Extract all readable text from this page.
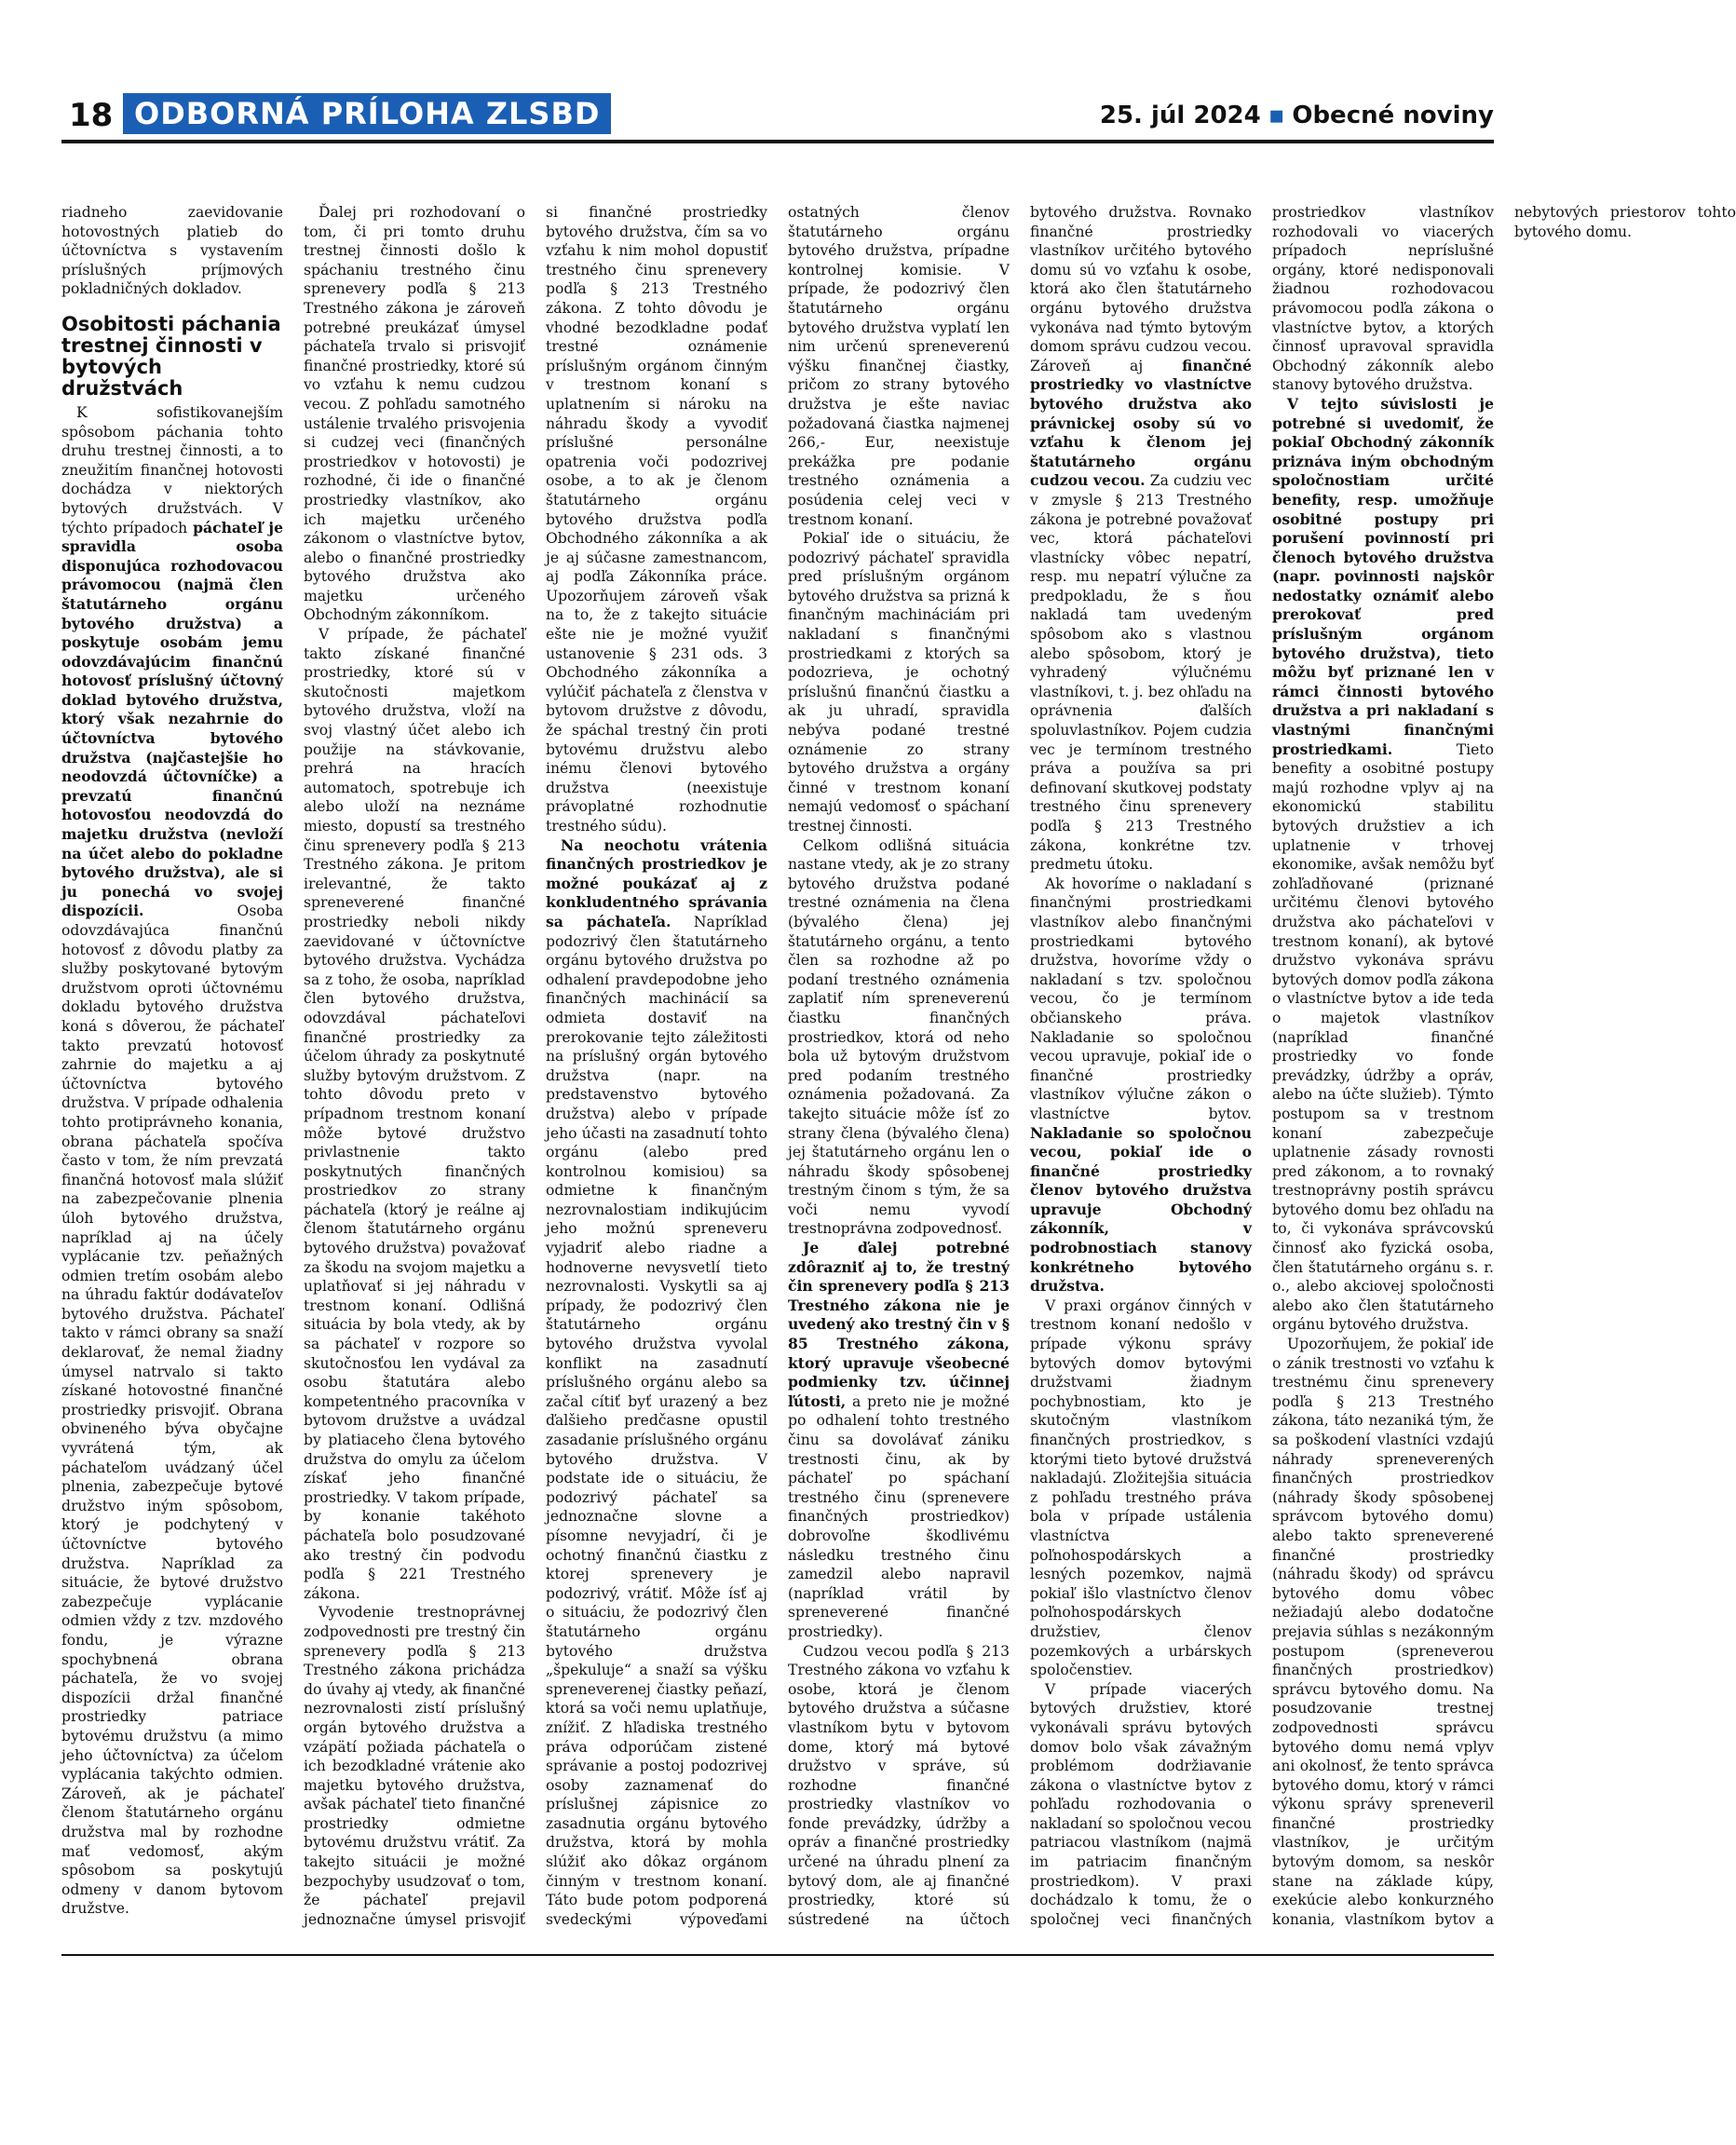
18 ODBORNÁ PRÍLOHA ZLSBD	25. júl 2024 ▪ Obecné noviny

riadneho zaevidovanie hotovostných platieb do účtovníctva s vystavením príslušných príjmových pokladničných dokladov.

Osobitosti páchania trestnej činnosti v bytových družstvách

K sofistikovanejším spôsobom páchania tohto druhu trestnej činnosti, a to zneužitím finančnej hotovosti dochádza v niektorých bytových družstvách. V týchto prípadoch páchateľ je spravidla osoba disponujúca rozhodovacou právomocou (najmä člen štatutárneho orgánu bytového družstva) a poskytuje osobám jemu odovzdávajúcim finančnú hotovosť príslušný účtovný doklad bytového družstva, ktorý však nezahrnie do účtovníctva bytového družstva (najčastejšie ho neodovzdá účtovníčke) a prevzatú finančnú hotovosťou neodovzdá do majetku družstva (nevloží na účet alebo do pokladne bytového družstva), ale si ju ponechá vo svojej dispozícii. Osoba odovzdávajúca finančnú hotovosť z dôvodu platby za služby poskytované bytovým družstvom oproti účtovnému dokladu bytového družstva koná s dôverou, že páchateľ takto prevzatú hotovosť zahrnie do majetku a aj účtovníctva bytového družstva. V prípade odhalenia tohto protiprávneho konania, obrana páchateľa spočíva často v tom, že ním prevzatá finančná hotovosť mala slúžiť na zabezpečovanie plnenia úloh bytového družstva, napríklad aj na účely vyplácanie tzv. peňažných odmien tretím osobám alebo na úhradu faktúr dodávateľov bytového družstva. Páchateľ takto v rámci obrany sa snaží deklarovať, že nemal žiadny úmysel natrvalo si takto získané hotovostné finančné prostriedky prisvojiť. Obrana obvineného býva obyčajne vyvrátená tým, ak páchateľom uvádzaný účel plnenia, zabezpečuje bytové družstvo iným spôsobom, ktorý je podchytený v účtovníctve bytového družstva. Napríklad za situácie, že bytové družstvo zabezpečuje vyplácanie odmien vždy z tzv. mzdového fondu, je výrazne spochybnená obrana páchateľa, že vo svojej dispozícii držal finančné prostriedky patriace bytovému družstvu (a mimo jeho účtovníctva) za účelom vyplácania takýchto odmien. Zároveň, ak je páchateľ členom štatutárneho orgánu družstva mal by rozhodne mať vedomosť, akým spôsobom sa poskytujú odmeny v danom bytovom družstve.

Ďalej pri rozhodovaní o tom, či pri tomto druhu trestnej činnosti došlo k spáchaniu trestného činu sprenevery podľa § 213 Trestného zákona je zároveň potrebné preukázať úmysel páchateľa trvalo si prisvojiť finančné prostriedky, ktoré sú vo vzťahu k nemu cudzou vecou. Z pohľadu samotného ustálenie trvalého prisvojenia si cudzej veci (finančných prostriedkov v hotovosti) je rozhodné, či ide o finančné prostriedky vlastníkov, ako ich majetku určeného zákonom o vlastníctve bytov, alebo o finančné prostriedky bytového družstva ako majetku určeného Obchodným zákonníkom.

V prípade, že páchateľ takto získané finančné prostriedky, ktoré sú v skutočnosti majetkom bytového družstva, vloží na svoj vlastný účet alebo ich použije na stávkovanie, prehrá na hracích automatoch, spotrebuje ich alebo uloží na neznáme miesto, dopustí sa trestného činu sprenevery podľa § 213 Trestného zákona. Je pritom irelevantné, že takto spreneverené finančné prostriedky neboli nikdy zaevidované v účtovníctve bytového družstva. Vychádza sa z toho, že osoba, napríklad člen bytového družstva, odovzdával páchateľovi finančné prostriedky za účelom úhrady za poskytnuté služby bytovým družstvom. Z tohto dôvodu preto v prípadnom trestnom konaní môže bytové družstvo privlastnenie takto poskytnutých finančných prostriedkov zo strany páchateľa (ktorý je reálne aj členom štatutárneho orgánu bytového družstva) považovať za škodu na svojom majetku a uplatňovať si jej náhradu v trestnom konaní. Odlišná situácia by bola vtedy, ak by sa páchateľ v rozpore so skutočnosťou len vydával za osobu štatutára alebo kompetentného pracovníka v bytovom družstve a uvádzal by platiaceho člena bytového družstva do omylu za účelom získať jeho finančné prostriedky. V takom prípade, by konanie takéhoto páchateľa bolo posudzované ako trestný čin podvodu podľa § 221 Trestného zákona.

Vyvodenie trestnoprávnej zodpovednosti pre trestný čin sprenevery podľa § 213 Trestného zákona prichádza do úvahy aj vtedy, ak finančné nezrovnalosti zistí príslušný orgán bytového družstva a vzápätí požiada páchateľa o ich bezodkladné vrátenie ako majetku bytového družstva, avšak páchateľ tieto finančné prostriedky odmietne bytovému družstvu vrátiť. Za takejto situácii je možné bezpochyby usudzovať o tom, že páchateľ prejavil jednoznačne úmysel prisvojiť si finančné prostriedky bytového družstva, čím sa vo vzťahu k nim mohol dopustiť trestného činu sprenevery podľa § 213 Trestného zákona. Z tohto dôvodu je vhodné bezodkladne podať trestné oznámenie príslušným orgánom činným v trestnom konaní s uplatnením si nároku na náhradu škody a vyvodiť príslušné personálne opatrenia voči podozrivej osobe, a to ak je členom štatutárneho orgánu bytového družstva podľa Obchodného zákonníka a ak je aj súčasne zamestnancom, aj podľa Zákonníka práce. Upozorňujem zároveň však na to, že z takejto situácie ešte nie je možné využiť ustanovenie § 231 ods. 3 Obchodného zákonníka a vylúčiť páchateľa z členstva v bytovom družstve z dôvodu, že spáchal trestný čin proti bytovému družstvu alebo inému členovi bytového družstva (neexistuje právoplatné rozhodnutie trestného súdu).

Na neochotu vrátenia finančných prostriedkov je možné poukázať aj z konkludentného správania sa páchateľa. Napríklad podozrivý člen štatutárneho orgánu bytového družstva po odhalení pravdepodobne jeho finančných machinácií sa odmieta dostaviť na prerokovanie tejto záležitosti na príslušný orgán bytového družstva (napr. na predstavenstvo bytového družstva) alebo v prípade jeho účasti na zasadnutí tohto orgánu (alebo pred kontrolnou komisiou) sa odmietne k finančným nezrovnalostiam indikujúcim jeho možnú spreneveru vyjadriť alebo riadne a hodnoverne nevysvetlí tieto nezrovnalosti. Vyskytli sa aj prípady, že podozrivý člen štatutárneho orgánu bytového družstva vyvolal konflikt na zasadnutí príslušného orgánu alebo sa začal cítiť byť urazený a bez ďalšieho predčasne opustil zasadanie príslušného orgánu bytového družstva. V podstate ide o situáciu, že podozrivý páchateľ sa jednoznačne slovne a písomne nevyjadrí, či je ochotný finančnú čiastku z ktorej sprenevery je podozrivý, vrátiť. Môže ísť aj o situáciu, že podozrivý člen štatutárneho orgánu bytového družstva „špekuluje“ a snaží sa výšku spreneverenej čiastky peňazí, ktorá sa voči nemu uplatňuje, znížiť. Z hľadiska trestného práva odporúčam zistené správanie a postoj podozrivej osoby zaznamenať do príslušnej zápisnice zo zasadnutia orgánu bytového družstva, ktorá by mohla slúžiť ako dôkaz orgánom činným v trestnom konaní. Táto bude potom podporená svedeckými výpoveďami ostatných členov štatutárneho orgánu bytového družstva, prípadne kontrolnej komisie. V prípade, že podozrivý člen štatutárneho orgánu bytového družstva vyplatí len nim určenú spreneverenú výšku finančnej čiastky, pričom zo strany bytového družstva je ešte naviac požadovaná čiastka najmenej 266,- Eur, neexistuje prekážka pre podanie trestného oznámenia a posúdenia celej veci v trestnom konaní.

Pokiaľ ide o situáciu, že podozrivý páchateľ spravidla pred príslušným orgánom bytového družstva sa prizná k finančným machináciám pri nakladaní s finančnými prostriedkami z ktorých sa podozrieva, je ochotný príslušnú finančnú čiastku a ak ju uhradí, spravidla nebýva podané trestné oznámenie zo strany bytového družstva a orgány činné v trestnom konaní nemajú vedomosť o spáchaní trestnej činnosti.

Celkom odlišná situácia nastane vtedy, ak je zo strany bytového družstva podané trestné oznámenia na člena (bývalého člena) jej štatutárneho orgánu, a tento člen sa rozhodne až po podaní trestného oznámenia zaplatiť ním spreneverenú čiastku finančných prostriedkov, ktorá od neho bola už bytovým družstvom pred podaním trestného oznámenia požadovaná. Za takejto situácie môže ísť zo strany člena (bývalého člena) jej štatutárneho orgánu len o náhradu škody spôsobenej trestným činom s tým, že sa voči nemu vyvodí trestnoprávna zodpovednosť.

Je ďalej potrebné zdôrazniť aj to, že trestný čin sprenevery podľa § 213 Trestného zákona nie je uvedený ako trestný čin v § 85 Trestného zákona, ktorý upravuje všeobecné podmienky tzv. účinnej ľútosti, a preto nie je možné po odhalení tohto trestného činu sa dovolávať zániku trestnosti činu, ak by páchateľ po spáchaní trestného činu (sprenevere finančných prostriedkov) dobrovoľne škodlivému následku trestného činu zamedzil alebo napravil (napríklad vrátil by spreneverené finančné prostriedky).

Cudzou vecou podľa § 213 Trestného zákona vo vzťahu k osobe, ktorá je členom bytového družstva a súčasne vlastníkom bytu v bytovom dome, ktorý má bytové družstvo v správe, sú rozhodne finančné prostriedky vlastníkov vo fonde prevádzky, údržby a opráv a finančné prostriedky určené na úhradu plnení za bytový dom, ale aj finančné prostriedky, ktoré sú sústredené na účtoch bytového družstva. Rovnako finančné prostriedky vlastníkov určitého bytového domu sú vo vzťahu k osobe, ktorá ako člen štatutárneho orgánu bytového družstva vykonáva nad týmto bytovým domom správu cudzou vecou. Zároveň aj finančné prostriedky vo vlastníctve bytového družstva ako právnickej osoby sú vo vzťahu k členom jej štatutárneho orgánu cudzou vecou. Za cudziu vec v zmysle § 213 Trestného zákona je potrebné považovať vec, ktorá páchateľovi vlastnícky vôbec nepatrí, resp. mu nepatrí výlučne za predpokladu, že s ňou nakladá tam uvedeným spôsobom ako s vlastnou alebo spôsobom, ktorý je vyhradený výlučnému vlastníkovi, t. j. bez ohľadu na oprávnenia ďalších spoluvlastníkov. Pojem cudzia vec je termínom trestného práva a používa sa pri definovaní skutkovej podstaty trestného činu sprenevery podľa § 213 Trestného zákona, konkrétne tzv. predmetu útoku.

Ak hovoríme o nakladaní s finančnými prostriedkami vlastníkov alebo finančnými prostriedkami bytového družstva, hovoríme vždy o nakladaní s tzv. spoločnou vecou, čo je termínom občianskeho práva. Nakladanie so spoločnou vecou upravuje, pokiaľ ide o finančné prostriedky vlastníkov výlučne zákon o vlastníctve bytov. Nakladanie so spoločnou vecou, pokiaľ ide o finančné prostriedky členov bytového družstva upravuje Obchodný zákonník, v podrobnostiach stanovy konkrétneho bytového družstva.

V praxi orgánov činných v trestnom konaní nedošlo v prípade výkonu správy bytových domov bytovými družstvami žiadnym pochybnostiam, kto je skutočným vlastníkom finančných prostriedkov, s ktorými tieto bytové družstvá nakladajú. Zložitejšia situácia z pohľadu trestného práva bola v prípade ustálenia vlastníctva poľnohospodárskych a lesných pozemkov, najmä pokiaľ išlo vlastníctvo členov poľnohospodárskych družstiev, členov pozemkových a urbárskych spoločenstiev.

V prípade viacerých bytových družstiev, ktoré vykonávali správu bytových domov bolo však závažným problémom dodržiavanie zákona o vlastníctve bytov z pohľadu rozhodovania o nakladaní so spoločnou vecou patriacou vlastníkom (najmä im patriacim finančným prostriedkom). V praxi dochádzalo k tomu, že o spoločnej veci finančných prostriedkov vlastníkov rozhodovali vo viacerých prípadoch nepríslušné orgány, ktoré nedisponovali žiadnou rozhodovacou právomocou podľa zákona o vlastníctve bytov, a ktorých činnosť upravoval spravidla Obchodný zákonník alebo stanovy bytového družstva.

V tejto súvislosti je potrebné si uvedomiť, že pokiaľ Obchodný zákonník priznáva iným obchodným spoločnostiam určité benefity, resp. umožňuje osobitné postupy pri porušení povinností pri členoch bytového družstva (napr. povinnosti najskôr nedostatky oznámiť alebo prerokovať pred príslušným orgánom bytového družstva), tieto môžu byť priznané len v rámci činnosti bytového družstva a pri nakladaní s vlastnými finančnými prostriedkami. Tieto benefity a osobitné postupy majú rozhodne vplyv aj na ekonomickú stabilitu bytových družstiev a ich uplatnenie v trhovej ekonomike, avšak nemôžu byť zohľadňované (priznané určitému členovi bytového družstva ako páchateľovi v trestnom konaní), ak bytové družstvo vykonáva správu bytových domov podľa zákona o vlastníctve bytov a ide teda o majetok vlastníkov (napríklad finančné prostriedky vo fonde prevádzky, údržby a opráv, alebo na účte služieb). Týmto postupom sa v trestnom konaní zabezpečuje uplatnenie zásady rovnosti pred zákonom, a to rovnaký trestnoprávny postih správcu bytového domu bez ohľadu na to, či vykonáva správcovskú činnosť ako fyzická osoba, člen štatutárneho orgánu s. r. o., alebo akciovej spoločnosti alebo ako člen štatutárneho orgánu bytového družstva.

Upozorňujem, že pokiaľ ide o zánik trestnosti vo vzťahu k trestnému činu sprenevery podľa § 213 Trestného zákona, táto nezaniká tým, že sa poškodení vlastníci vzdajú náhrady spreneverených finančných prostriedkov (náhrady škody spôsobenej správcom bytového domu) alebo takto spreneverené finančné prostriedky (náhradu škody) od správcu bytového domu vôbec nežiadajú alebo dodatočne prejavia súhlas s nezákonným postupom (spreneverou finančných prostriedkov) správcu bytového domu. Na posudzovanie trestnej zodpovednosti správcu bytového domu nemá vplyv ani okolnosť, že tento správca bytového domu, ktorý v rámci výkonu správy spreneveril finančné prostriedky vlastníkov, je určitým bytovým domom, sa neskôr stane na základe kúpy, exekúcie alebo konkurzného konania, vlastníkom bytov a nebytových priestorov tohto bytového domu.
